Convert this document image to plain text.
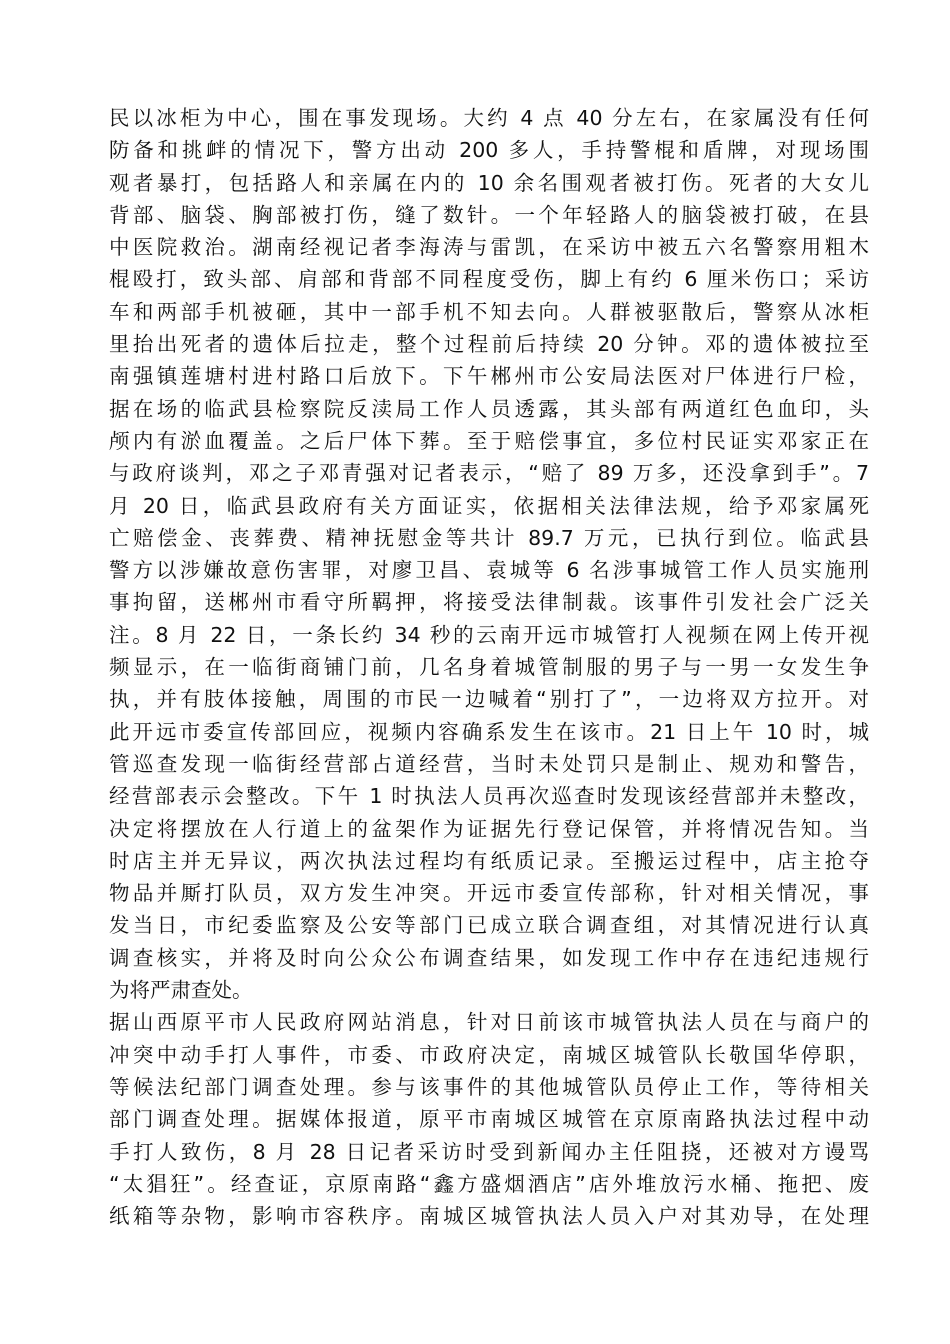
民以冰柜为中心，围在事发现场。大约 4 点 40 分左右，在家属没有任何
防备和挑衅的情况下，警方出动 200 多人，手持警棍和盾牌，对现场围
观者暴打，包括路人和亲属在内的 10 余名围观者被打伤。死者的大女儿
背部、脑袋、胸部被打伤，缝了数针。一个年轻路人的脑袋被打破，在县
中医院救治。湖南经视记者李海涛与雷凯，在采访中被五六名警察用粗木
棍殴打，致头部、肩部和背部不同程度受伤，脚上有约 6 厘米伤口；采访
车和两部手机被砸，其中一部手机不知去向。人群被驱散后，警察从冰柜
里抬出死者的遗体后拉走，整个过程前后持续 20 分钟。邓的遗体被拉至
南强镇莲塘村进村路口后放下。下午郴州市公安局法医对尸体进行尸检，
据在场的临武县检察院反渎局工作人员透露，其头部有两道红色血印，头
颅内有淤血覆盖。之后尸体下葬。至于赔偿事宜，多位村民证实邓家正在
与政府谈判，邓之子邓青强对记者表示，“赔了 89 万多，还没拿到手”。7
月 20 日，临武县政府有关方面证实，依据相关法律法规，给予邓家属死
亡赔偿金、丧葬费、精神抚慰金等共计 89.7 万元，已执行到位。临武县
警方以涉嫌故意伤害罪，对廖卫昌、袁城等 6 名涉事城管工作人员实施刑
事拘留，送郴州市看守所羁押，将接受法律制裁。该事件引发社会广泛关
注。8 月 22 日，一条长约 34 秒的云南开远市城管打人视频在网上传开视
频显示，在一临街商铺门前，几名身着城管制服的男子与一男一女发生争
执，并有肢体接触，周围的市民一边喊着“别打了”，一边将双方拉开。对
此开远市委宣传部回应，视频内容确系发生在该市。21 日上午 10 时，城
管巡查发现一临街经营部占道经营，当时未处罚只是制止、规劝和警告，
经营部表示会整改。下午 1 时执法人员再次巡查时发现该经营部并未整改，
决定将摆放在人行道上的盆架作为证据先行登记保管，并将情况告知。当
时店主并无异议，两次执法过程均有纸质记录。至搬运过程中，店主抢夺
物品并厮打队员，双方发生冲突。开远市委宣传部称，针对相关情况，事
发当日，市纪委监察及公安等部门已成立联合调查组，对其情况进行认真
调查核实，并将及时向公众公布调查结果，如发现工作中存在违纪违规行
为将严肃查处。
据山西原平市人民政府网站消息，针对日前该市城管执法人员在与商户的
冲突中动手打人事件，市委、市政府决定，南城区城管队长敬国华停职，
等候法纪部门调查处理。参与该事件的其他城管队员停止工作，等待相关
部门调查处理。据媒体报道，原平市南城区城管在京原南路执法过程中动
手打人致伤，8 月 28 日记者采访时受到新闻办主任阻挠，还被对方谩骂
“太猖狂”。经查证，京原南路“鑫方盛烟酒店”店外堆放污水桶、拖把、废
纸箱等杂物，影响市容秩序。南城区城管执法人员入户对其劝导，在处理
